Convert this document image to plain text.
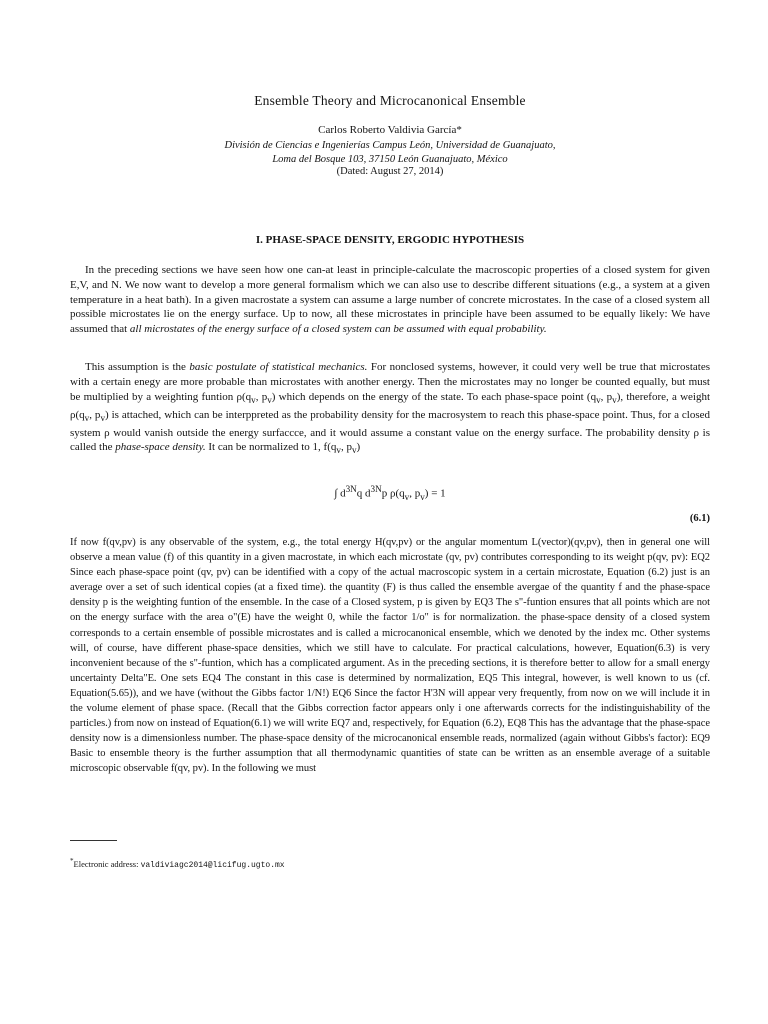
Ensemble Theory and Microcanonical Ensemble
Carlos Roberto Valdivia García*
División de Ciencias e Ingenierías Campus León, Universidad de Guanajuato,
Loma del Bosque 103, 37150 León Guanajuato, México
(Dated: August 27, 2014)
I. PHASE-SPACE DENSITY, ERGODIC HYPOTHESIS
In the preceding sections we have seen how one can-at least in principle-calculate the macroscopic properties of a closed system for given E,V, and N. We now want to develop a more general formalism which we can also use to describe different situations (e.g., a system at a given temperature in a heat bath). In a given macrostate a system can assume a large number of concrete microstates. In the case of a closed system all possible microstates lie on the energy surface. Up to now, all these microstates in principle have been assumed to be equally likely: We have assumed that all microstates of the energy surface of a closed system can be assumed with equal probability.
This assumption is the basic postulate of statistical mechanics. For nonclosed systems, however, it could very well be true that microstates with a certain enegy are more probable than microstates with another energy. Then the microstates may no longer be counted equally, but must be multiplied by a weighting funtion $\rho(q_v$, $p_v$) which depends on the energy of the state. To each phase-space point ($q_v$, $p_v$), therefore, a weight $\rho(q_v$, $p_v$) is attached, which can be interppreted as the probability density for the macrosystem to reach this phase-space point. Thus, for a closed system ρ would vanish outside the energy surfaccce, and it would assume a constant value on the energy surface. The probability density ρ is called the phase-space density. It can be normalized to 1, $f(q_v$, $p_v$)
∫ $d^{3N}q$ $d^{3N}p$ $\rho(q_v$, $p_v) = 1$
(6.1)
If now f(qv,pv) is any observable of the system, e.g., the total energy H(qv,pv) or the angular momentum L(vector)(qv,pv), then in general one will observe a mean value (f) of this quantity in a given macrostate, in which each microstate (qv, pv) contributes corresponding to its weight p(qv, pv): EQ2 Since each phase-space point (qv, pv) can be identified with a copy of the actual macroscopic system in a certain microstate, Equation (6.2) just is an average over a set of such identical copies (at a fixed time). the quantity (F) is thus called the ensemble avergae of the quantity f and the phase-space density p is the weighting funtion of the ensemble. In the case of a Closed system, p is given by EQ3 The s"-funtion ensures that all points which are not on the energy surface with the area o"(E) have the weight 0, while the factor 1/o" is for normalization. the phase-space density of a closed system corresponds to a certain ensemble of possible microstates and is called a microcanonical ensemble, which we denoted by the index mc. Other systems will, of course, have different phase-space densities, which we still have to calculate. For practical calculations, however, Equation(6.3) is very inconvenient because of the s"-funtion, which has a complicated argument. As in the preceding sections, it is therefore better to allow for a small energy uncertainty Delta"E. One sets EQ4 The constant in this case is determined by normalization, EQ5 This integral, however, is well known to us (cf. Equation(5.65)), and we have (without the Gibbs factor 1/N!) EQ6 Since the factor H'3N will appear very frequently, from now on we will include it in the volume element of phase space. (Recall that the Gibbs correction factor appears only i one afterwards corrects for the indistinguishability of the particles.) from now on instead of Equation(6.1) we will write EQ7 and, respectively, for Equation (6.2), EQ8 This has the advantage that the phase-space density now is a dimensionless number. The phase-space density of the microcanonical ensemble reads, normalized (again without Gibbs's factor): EQ9 Basic to ensemble theory is the further assumption that all thermodynamic quantities of state can be written as an ensemble average of a suitable microscopic observable f(qv, pv). In the following we must
*Electronic address: valdiviagc2014@licifug.ugto.mx
